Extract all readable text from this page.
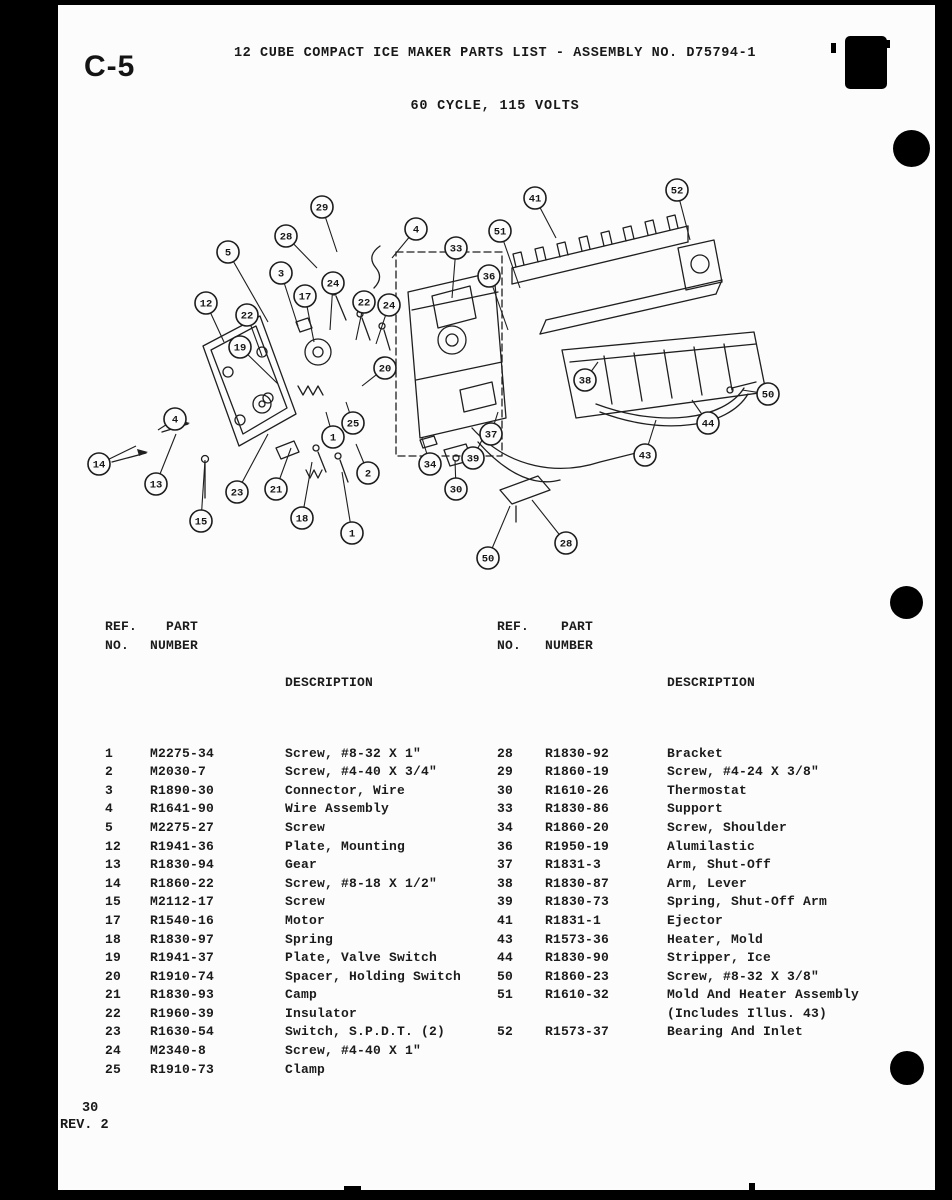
29
28
4
41
52
5
3
17
24
22 24
33
51
36
12
22
19
20
38
50
25
1	37
39
34
30
2
23	21
18
1
15
13
14
4
43
44
28
50
C-5	12 CUBE COMPACT ICE MAKER PARTS LIST - ASSEMBLY NO. D75794-1
60 CYCLE, 115 VOLTS
REF.
NO.
PART
NUMBER

DESCRIPTION

1	M2275-34	Screw, #8-32 X 1"
2	M2030-7	Screw, #4-40 X 3/4"
3	R1890-30	Connector, Wire
4	R1641-90	Wire Assembly
5	M2275-27	Screw
12	R1941-36	Plate, Mounting
13	R1830-94	Gear
14	R1860-22	Screw, #8-18 X 1/2"
15	M2112-17	Screw
17	R1540-16	Motor
18	R1830-97	Spring
19	R1941-37	Plate, Valve Switch
20	R1910-74	Spacer, Holding Switch
21	R1830-93	Camp
22	R1960-39	Insulator
23	R1630-54	Switch, S.P.D.T. (2)
24	M2340-8	Screw, #4-40 X 1"
25	R1910-73	Clamp
REF.
NO.
PART
NUMBER

DESCRIPTION

28	R1830-92	Bracket
29	R1860-19	Screw, #4-24 X 3/8"
30	R1610-26	Thermostat
33	R1830-86	Support
34	R1860-20	Screw, Shoulder
36	R1950-19	Alumilastic
37	R1831-3	Arm, Shut-Off
38	R1830-87	Arm, Lever
39	R1830-73	Spring, Shut-Off Arm
41	R1831-1	Ejector
43	R1573-36	Heater, Mold
44	R1830-90	Stripper, Ice
50	R1860-23	Screw, #8-32 X 3/8"
51	R1610-32	Mold And Heater Assembly
(Includes Illus. 43)
52	R1573-37	Bearing And Inlet
30
REV. 2
